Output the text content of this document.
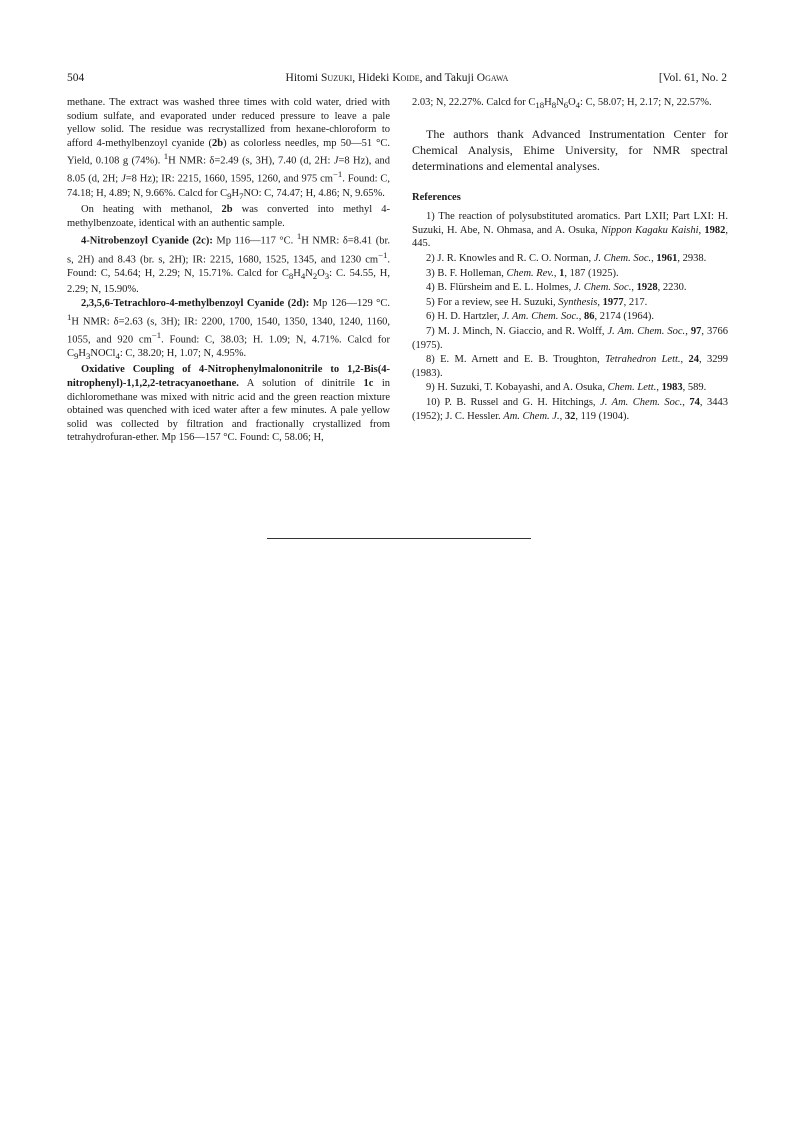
504	Hitomi Suzuki, Hideki Koide, and Takuji Ogawa	[Vol. 61, No. 2

methane. The extract was washed three times with cold water, dried with sodium sulfate, and evaporated under reduced pressure to leave a pale yellow solid. The residue was recrystallized from hexane-chloroform to afford 4-methylbenzoyl cyanide (2b) as colorless needles, mp 50—51 °C. Yield, 0.108 g (74%). $^1$H NMR: δ=2.49 (s, 3H), 7.40 (d, 2H: J=8 Hz), and 8.05 (d, 2H; J=8 Hz); IR: 2215, 1660, 1595, 1260, and 975 $cm^{-1}$. Found: C, 74.18; H, 4.89; N, 9.66%. Calcd for $C_9H_7NO$: C, 74.47; H, 4.86; N, 9.65%.

On heating with methanol, 2b was converted into methyl 4-methylbenzoate, identical with an authentic sample.

4-Nitrobenzoyl Cyanide (2c): Mp 116—117 °C. $^1$H NMR: δ=8.41 (br. s, 2H) and 8.43 (br. s, 2H); IR: 2215, 1680, 1525, 1345, and 1230 $cm^{-1}$. Found: C, 54.64; H, 2.29; N, 15.71%. Calcd for $C_8H_4N_2O_3$: C. 54.55, H, 2.29; N, 15.90%.

2,3,5,6-Tetrachloro-4-methylbenzoyl Cyanide (2d): Mp 126—129 °C. $^1$H NMR: δ=2.63 (s, 3H); IR: 2200, 1700, 1540, 1350, 1340, 1240, 1160, 1055, and 920 $cm^{-1}$. Found: C, 38.03; H. 1.09; N, 4.71%. Calcd for $C_9H_3NOCl_4$: C, 38.20; H, 1.07; N, 4.95%.

Oxidative Coupling of 4-Nitrophenylmalononitrile to 1,2-Bis(4-nitrophenyl)-1,1,2,2-tetracyanoethane. A solution of dinitrile 1c in dichloromethane was mixed with nitric acid and the green reaction mixture obtained was quenched with iced water after a few minutes. A pale yellow solid was collected by filtration and fractionally crystallized from tetrahydrofuran-ether. Mp 156—157 °C. Found: C, 58.06; H,

2.03; N, 22.27%. Calcd for $C_{18}H_8N_6O_4$: C, 58.07; H, 2.17; N, 22.57%.

The authors thank Advanced Instrumentation Center for Chemical Analysis, Ehime University, for NMR spectral determinations and elemental analyses.

References
1) The reaction of polysubstituted aromatics. Part LXII; Part LXI: H. Suzuki, H. Abe, N. Ohmasa, and A. Osuka, Nippon Kagaku Kaishi, 1982, 445.
2) J. R. Knowles and R. C. O. Norman, J. Chem. Soc., 1961, 2938.
3) B. F. Holleman, Chem. Rev., 1, 187 (1925).
4) B. Flürsheim and E. L. Holmes, J. Chem. Soc., 1928, 2230.
5) For a review, see H. Suzuki, Synthesis, 1977, 217.
6) H. D. Hartzler, J. Am. Chem. Soc., 86, 2174 (1964).
7) M. J. Minch, N. Giaccio, and R. Wolff, J. Am. Chem. Soc., 97, 3766 (1975).
8) E. M. Arnett and E. B. Troughton, Tetrahedron Lett., 24, 3299 (1983).
9) H. Suzuki, T. Kobayashi, and A. Osuka, Chem. Lett., 1983, 589.
10) P. B. Russel and G. H. Hitchings, J. Am. Chem. Soc., 74, 3443 (1952); J. C. Hessler. Am. Chem. J., 32, 119 (1904).
